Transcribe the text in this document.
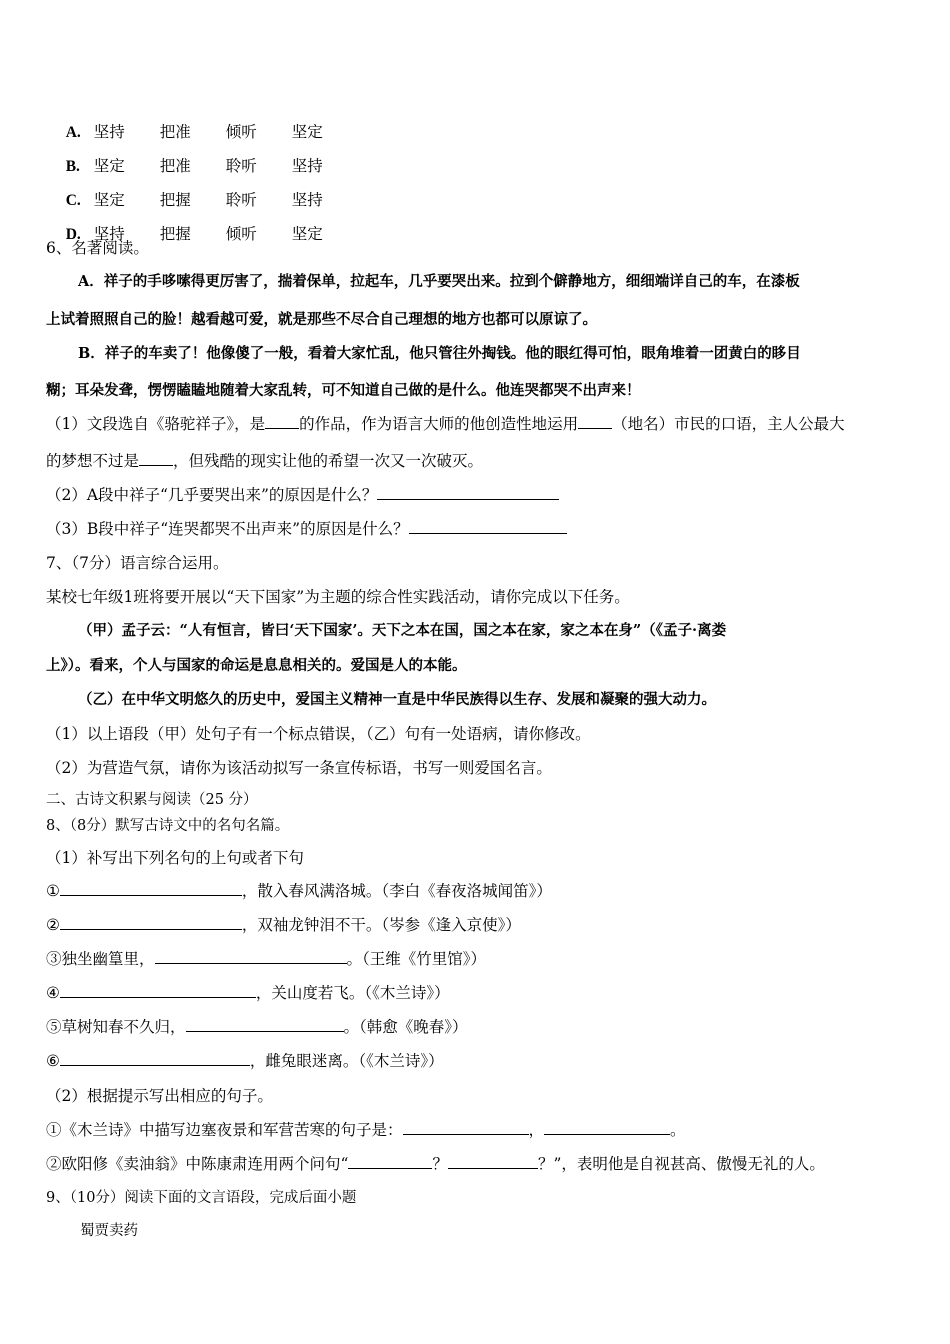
A. 坚持 把准 倾听 坚定

B. 坚定 把准 聆听 坚持

C. 坚定 把握 聆听 坚持

D. 坚持 把握 倾听 坚定

6、名著阅读。
A．祥子的手哆嗦得更厉害了，揣着保单，拉起车，几乎要哭出来。拉到个僻静地方，细细端详自己的车，在漆板
上试着照照自己的脸！越看越可爱，就是那些不尽合自己理想的地方也都可以原谅了。
B．祥子的车卖了！他像傻了一般，看着大家忙乱，他只管往外掏钱。他的眼红得可怕，眼角堆着一团黄白的眵目
糊；耳朵发聋，愣愣瞌瞌地随着大家乱转，可不知道自己做的是什么。他连哭都哭不出声来！
（1）文段选自《骆驼祥子》，是 的作品，作为语言大师的他创造性地运用 （地名）市民的口语，主人公最大
的梦想不过是 ，但残酷的现实让他的希望一次又一次破灭。
（2）A段中祥子“几乎要哭出来”的原因是什么？
（3）B段中祥子“连哭都哭不出声来”的原因是什么？
7、（7分）语言综合运用。
某校七年级1班将要开展以“天下国家”为主题的综合性实践活动，请你完成以下任务。
（甲）孟子云：“人有恒言，皆曰‘天下国家’。天下之本在国，国之本在家，家之本在身”（《孟子·离娄
上》）。看来，个人与国家的命运是息息相关的。爱国是人的本能。
（乙）在中华文明悠久的历史中，爱国主义精神一直是中华民族得以生存、发展和凝聚的强大动力。
（1）以上语段（甲）处句子有一个标点错误，（乙）句有一处语病，请你修改。
（2）为营造气氛，请你为该活动拟写一条宣传标语，书写一则爱国名言。
二、古诗文积累与阅读（25 分）
8、（8分）默写古诗文中的名句名篇。
（1）补写出下列名句的上句或者下句
①	，散入春风满洛城。（李白《春夜洛城闻笛》）
②	，双袖龙钟泪不干。（岑参《逢入京使》）
③独坐幽篁里，	。（王维《竹里馆》）
④	，关山度若飞。（《木兰诗》）
⑤草树知春不久归，	。（韩愈《晚春》）
⑥	，雌兔眼迷离。（《木兰诗》）
（2）根据提示写出相应的句子。
①《木兰诗》中描写边塞夜景和军营苦寒的句子是：	，	。
②欧阳修《卖油翁》中陈康肃连用两个问句“	？	？”，表明他是自视甚高、傲慢无礼的人。
9、（10分）阅读下面的文言语段，完成后面小题
蜀贾卖药
